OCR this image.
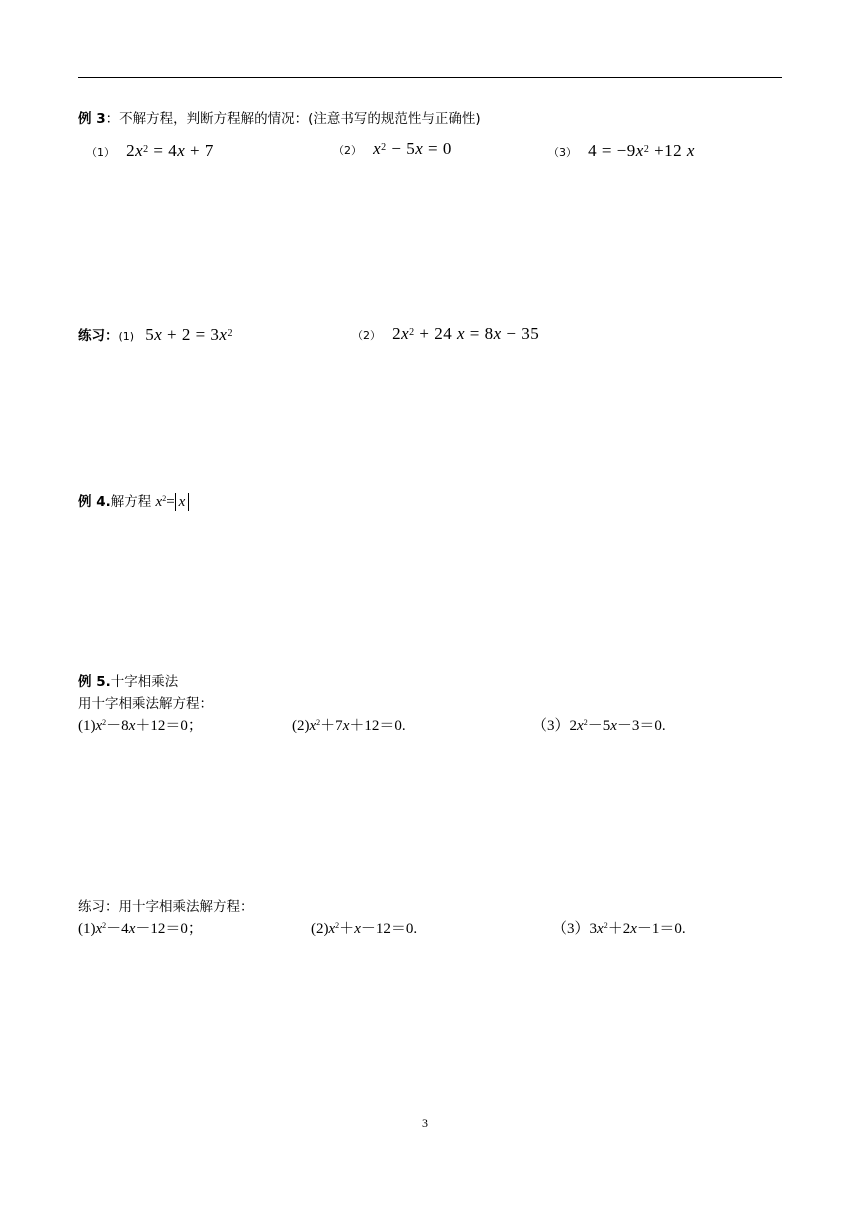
例 3：不解方程，判断方程解的情况：(注意书写的规范性与正确性)
（1） $2x^2 = 4x + 7$	（2） $x^2 - 5x = 0$	（3） $4 = -9x^2 +12$ x
练习：(1) $5x + 2 = 3x^2$	（2） $2x^2 + 24$ x = 8x − 35
例 4.解方程 $x^2= x$
例 5.十字相乘法
用十字相乘法解方程：
$(1)x^2-8x+12=0$；	$(2)x^2+7x+12=0$.	$(3)2x^2-5x-3=0$.
练习：用十字相乘法解方程：
$(1)x^2-4x-12=0$；	$(2)x^2+x-12=0$.	$(3)3x^2+2x-1=0$.
3
